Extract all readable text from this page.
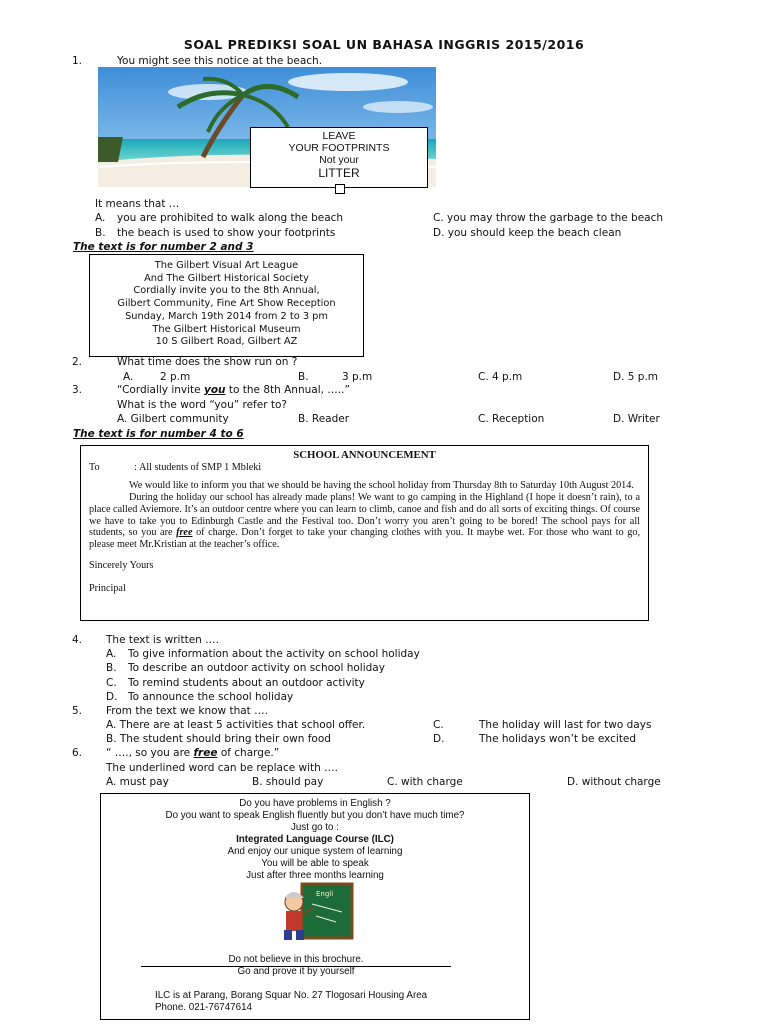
SOAL PREDIKSI SOAL UN BAHASA INGGRIS 2015/2016
1.	You might see this notice at the beach.
LEAVE
YOUR FOOTPRINTS
Not your
LITTER
It means that …
A. you are prohibited to walk along the beach
B. the beach is used to show your footprints
C. you may throw the garbage to the beach
D. you should keep the beach clean
The text is for number 2 and 3
The Gilbert Visual Art League
And The Gilbert Historical Society
Cordially invite you to the 8th Annual,
Gilbert Community, Fine Art Show Reception
Sunday, March 19th 2014 from 2 to 3 pm
The Gilbert Historical Museum
10 S Gilbert Road, Gilbert AZ
2.	What time does the show run on ?
A.	2 p.m	B.	3 p.m	C. 4 p.m	D. 5 p.m
3.	“Cordially invite you to the 8th Annual, …..”
What is the word “you” refer to?
A. Gilbert community	B. Reader	C. Reception	D. Writer
The text is for number 4 to 6
SCHOOL ANNOUNCEMENT
To	: All students of SMP 1 Mbleki

We would like to inform you that we should be having the school holiday from Thursday 8th to Saturday 10th August 2014.

During the holiday our school has already made plans! We want to go camping in the Highland (I hope it doesn’t rain), to a place called Aviemore. It’s an outdoor centre where you can learn to climb, canoe and fish and do all sorts of exciting things. Of course we have to take you to Edinburgh Castle and the Festival too. Don’t worry you aren’t going to be bored! The school pays for all students, so you are free of charge. Don’t forget to take your changing clothes with you. It maybe wet. For those who want to go, please meet Mr.Kristian at the teacher’s office.

Sincerely Yours

Principal

4. The text is written ….
A. To give information about the activity on school holiday
B. To describe an outdoor activity on school holiday
C. To remind students about an outdoor activity
D. To announce the school holiday
5. From the text we know that ….
A. There are at least 5 activities that school offer.
B. The student should bring their own food
C.	The holiday will last for two days
D.	The holidays won’t be excited
6. “ …., so you are free of charge.”
The underlined word can be replace with ….
A. must pay	B. should pay	C. with charge	D. without charge
Do you have problems in English ?
Do you want to speak English fluently but you don’t have much time?
Just go to :
Integrated Language Course (ILC)
And enjoy our unique system of learning
You will be able to speak
Just after three months learning
Engli
Do not believe in this brochure.
Go and prove it by yourself
ILC is at Parang, Borang Squar No. 27 Tlogosari Housing Area
Phone. 021-76747614
